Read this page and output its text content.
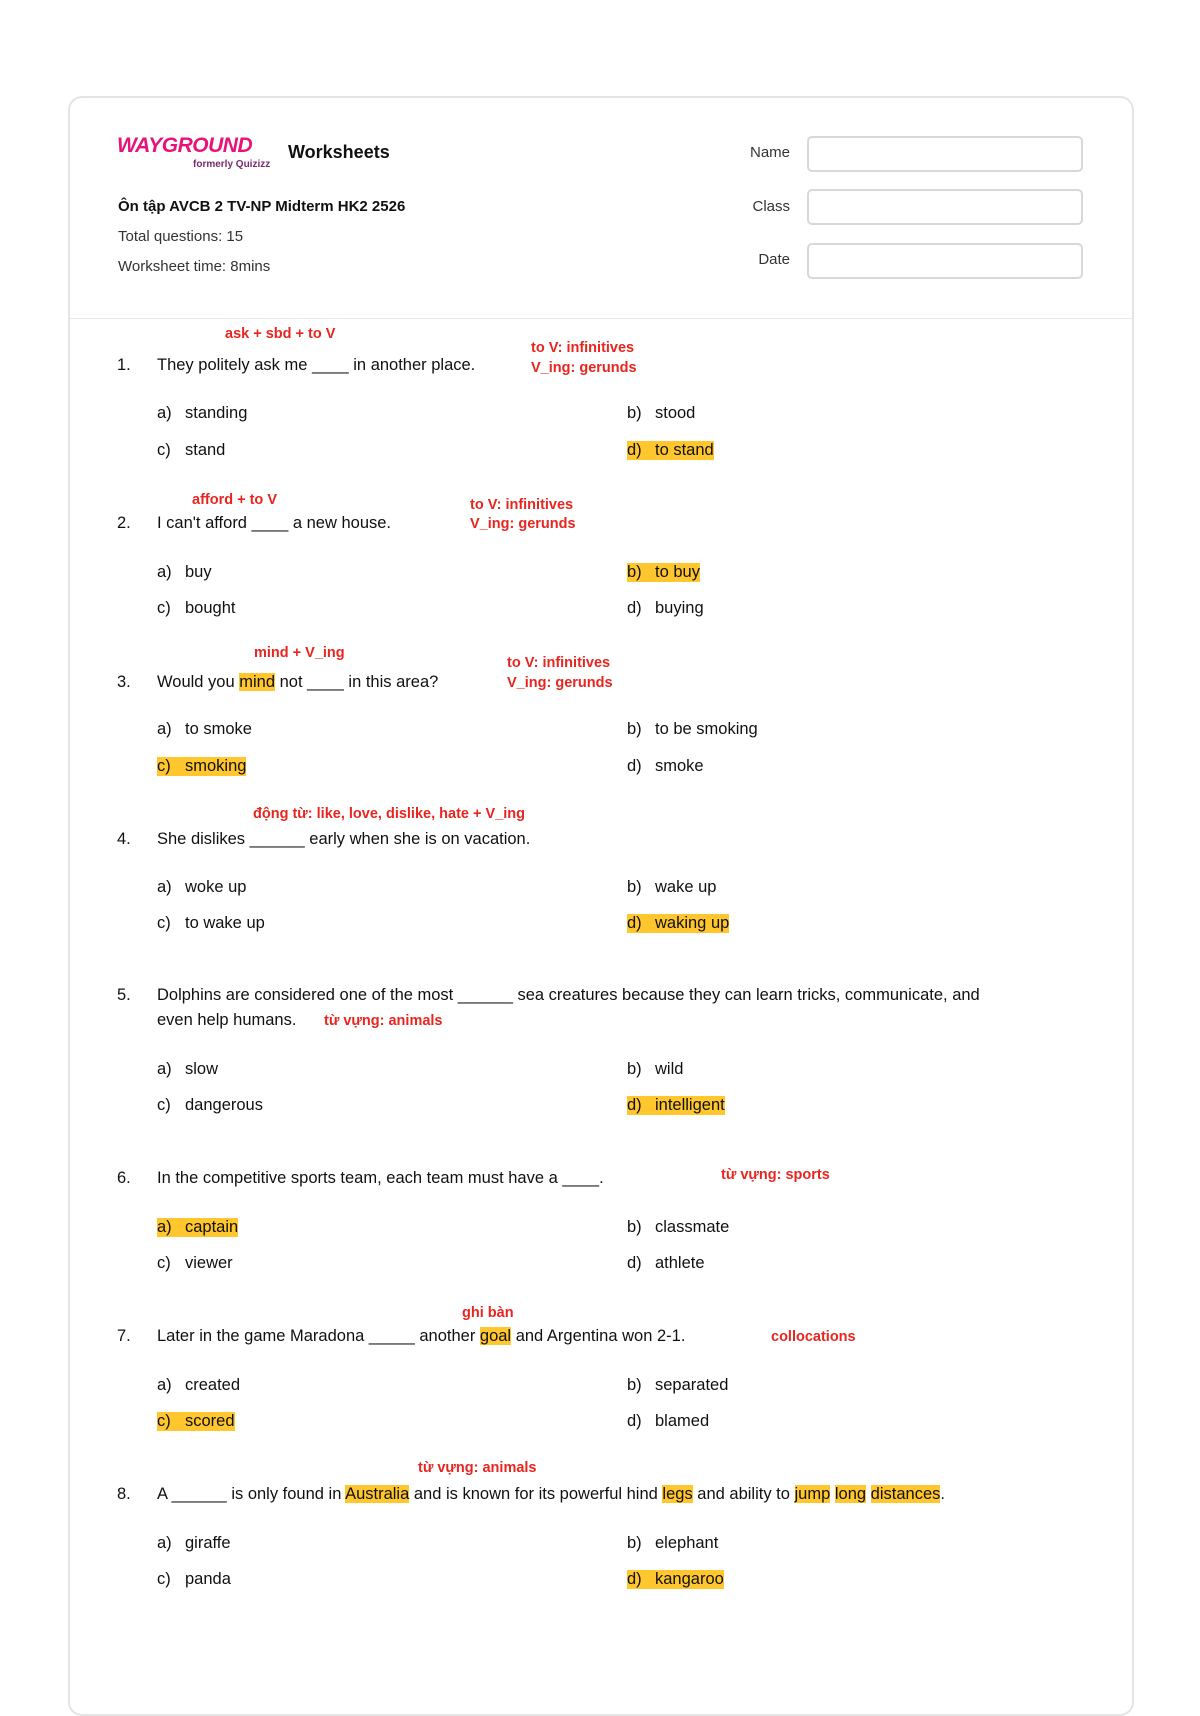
WAYGROUND
formerly Quizizz
Worksheets
Ôn tập AVCB 2 TV-NP Midterm HK2 2526
Total questions: 15
Worksheet time: 8mins
Name
Class
Date
ask + sbd + to V
to V: infinitives
V_ing: gerunds
1. They politely ask me ____ in another place.
a) standing	b) stood
c) stand	d) to stand
afford + to V	to V: infinitives
V_ing: gerunds
2. I can't afford ____ a new house.
a) buy	b) to buy
c) bought	d) buying
mind + V_ing
to V: infinitives
V_ing: gerunds
3. Would you mind not ____ in this area?
a) to smoke	b) to be smoking
c) smoking	d) smoke
động từ: like, love, dislike, hate + V_ing
4. She dislikes ______ early when she is on vacation.
a) woke up	b) wake up
c) to wake up	d) waking up
5. Dolphins are considered one of the most ______ sea creatures because they can learn tricks, communicate, and
even help humans. từ vựng: animals
a) slow	b) wild
c) dangerous	d) intelligent
từ vựng: sports
6. In the competitive sports team, each team must have a ____.
a) captain	b) classmate
c) viewer	d) athlete
ghi bàn
collocations
7. Later in the game Maradona _____ another goal and Argentina won 2-1.
a) created	b) separated
c) scored	d) blamed
từ vựng: animals
8. A ______ is only found in Australia and is known for its powerful hind legs and ability to jump long distances.
a) giraffe	b) elephant
c) panda	d) kangaroo
